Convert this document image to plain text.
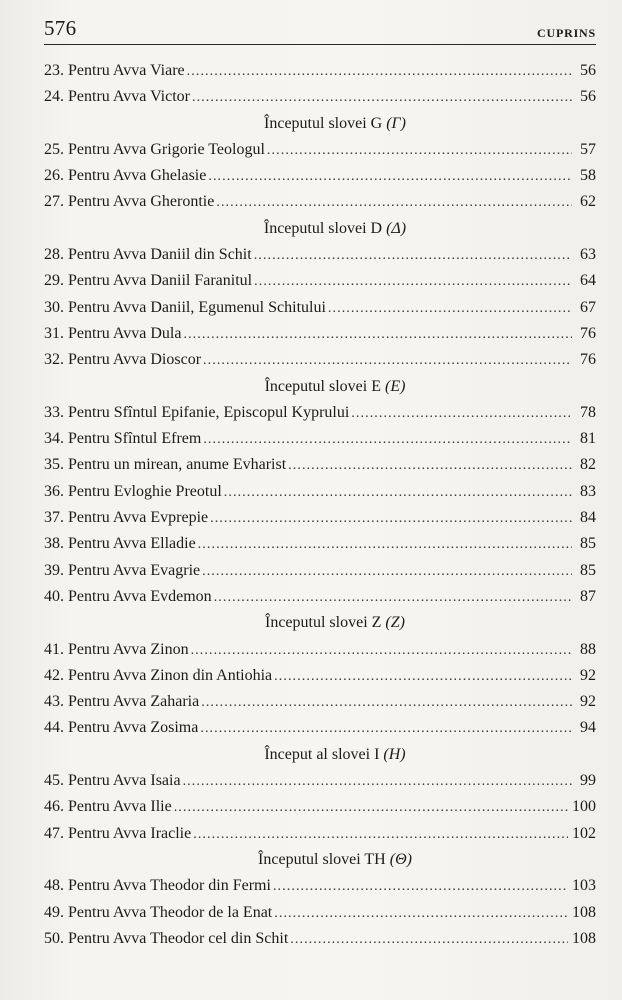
576	CUPRINS
23. Pentru Avva Viare . . .	56
24. Pentru Avva Victor . . .	56
Începutul slovei G (Γ)
25. Pentru Avva Grigorie Teologul . . .	57
26. Pentru Avva Ghelasie . . .	58
27. Pentru Avva Gherontie . . .	62
Începutul slovei D (Δ)
28. Pentru Avva Daniil din Schit . . .	63
29. Pentru Avva Daniil Faranitul . . .	64
30. Pentru Avva Daniil, Egumenul Schitului . . .	67
31. Pentru Avva Dula . . .	76
32. Pentru Avva Dioscor . . .	76
Începutul slovei E (E)
33. Pentru Sfîntul Epifanie, Episcopul Kyprului . . .	78
34. Pentru Sfîntul Efrem . . .	81
35. Pentru un mirean, anume Evharist . . .	82
36. Pentru Evloghie Preotul . . .	83
37. Pentru Avva Evprepie . . .	84
38. Pentru Avva Elladie . . .	85
39. Pentru Avva Evagrie . . .	85
40. Pentru Avva Evdemon . . .	87
Începutul slovei Z (Z)
41. Pentru Avva Zinon . . .	88
42. Pentru Avva Zinon din Antiohia . . .	92
43. Pentru Avva Zaharia . . .	92
44. Pentru Avva Zosima . . .	94
Început al slovei I (H)
45. Pentru Avva Isaia . . .	99
46. Pentru Avva Ilie . . .	100
47. Pentru Avva Iraclie . . .	102
Începutul slovei TH (Θ)
48. Pentru Avva Theodor din Fermi . . .	103
49. Pentru Avva Theodor de la Enat . . .	108
50. Pentru Avva Theodor cel din Schit . . .	108
